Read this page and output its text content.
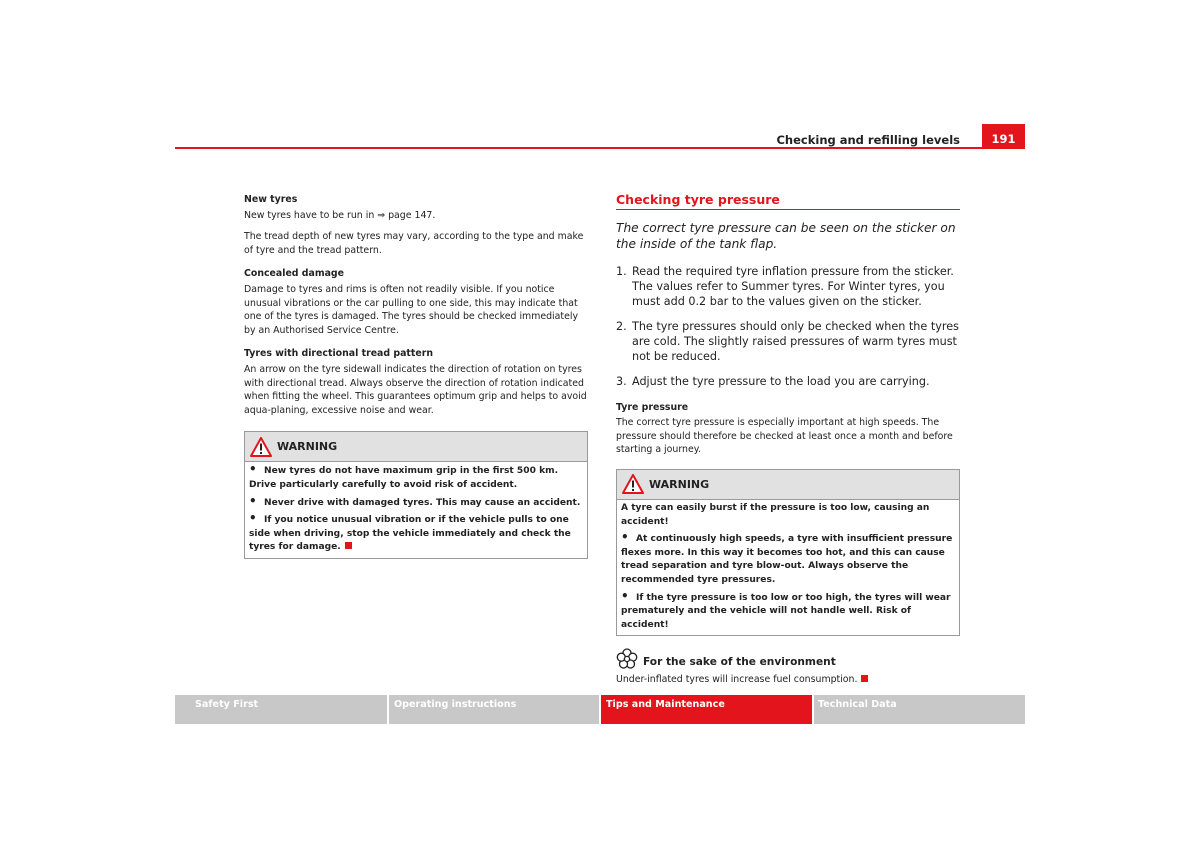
Checking and refilling levels	191

New tyres

New tyres have to be run in ⇒ page 147.

The tread depth of new tyres may vary, according to the type and make of tyre and the tread pattern.

Concealed damage

Damage to tyres and rims is often not readily visible. If you notice unusual vibrations or the car pulling to one side, this may indicate that one of the tyres is damaged. The tyres should be checked immediately by an Authorised Service Centre.

Tyres with directional tread pattern

An arrow on the tyre sidewall indicates the direction of rotation on tyres with directional tread. Always observe the direction of rotation indicated when fitting the wheel. This guarantees optimum grip and helps to avoid aqua-planing, excessive noise and wear.

WARNING

• New tyres do not have maximum grip in the first 500 km. Drive particularly carefully to avoid risk of accident.

• Never drive with damaged tyres. This may cause an accident.

• If you notice unusual vibration or if the vehicle pulls to one side when driving, stop the vehicle immediately and check the tyres for damage.

Checking tyre pressure

The correct tyre pressure can be seen on the sticker on the inside of the tank flap.

1. Read the required tyre inflation pressure from the sticker. The values refer to Summer tyres. For Winter tyres, you must add 0.2 bar to the values given on the sticker.
2. The tyre pressures should only be checked when the tyres are cold. The slightly raised pressures of warm tyres must not be reduced.
3. Adjust the tyre pressure to the load you are carrying.

Tyre pressure

The correct tyre pressure is especially important at high speeds. The pressure should therefore be checked at least once a month and before starting a journey.

WARNING

A tyre can easily burst if the pressure is too low, causing an accident!

• At continuously high speeds, a tyre with insufficient pressure flexes more. In this way it becomes too hot, and this can cause tread separation and tyre blow-out. Always observe the recommended tyre pressures.

• If the tyre pressure is too low or too high, the tyres will wear prematurely and the vehicle will not handle well. Risk of accident!

For the sake of the environment

Under-inflated tyres will increase fuel consumption.

Safety First	Operating instructions	Tips and Maintenance	Technical Data
